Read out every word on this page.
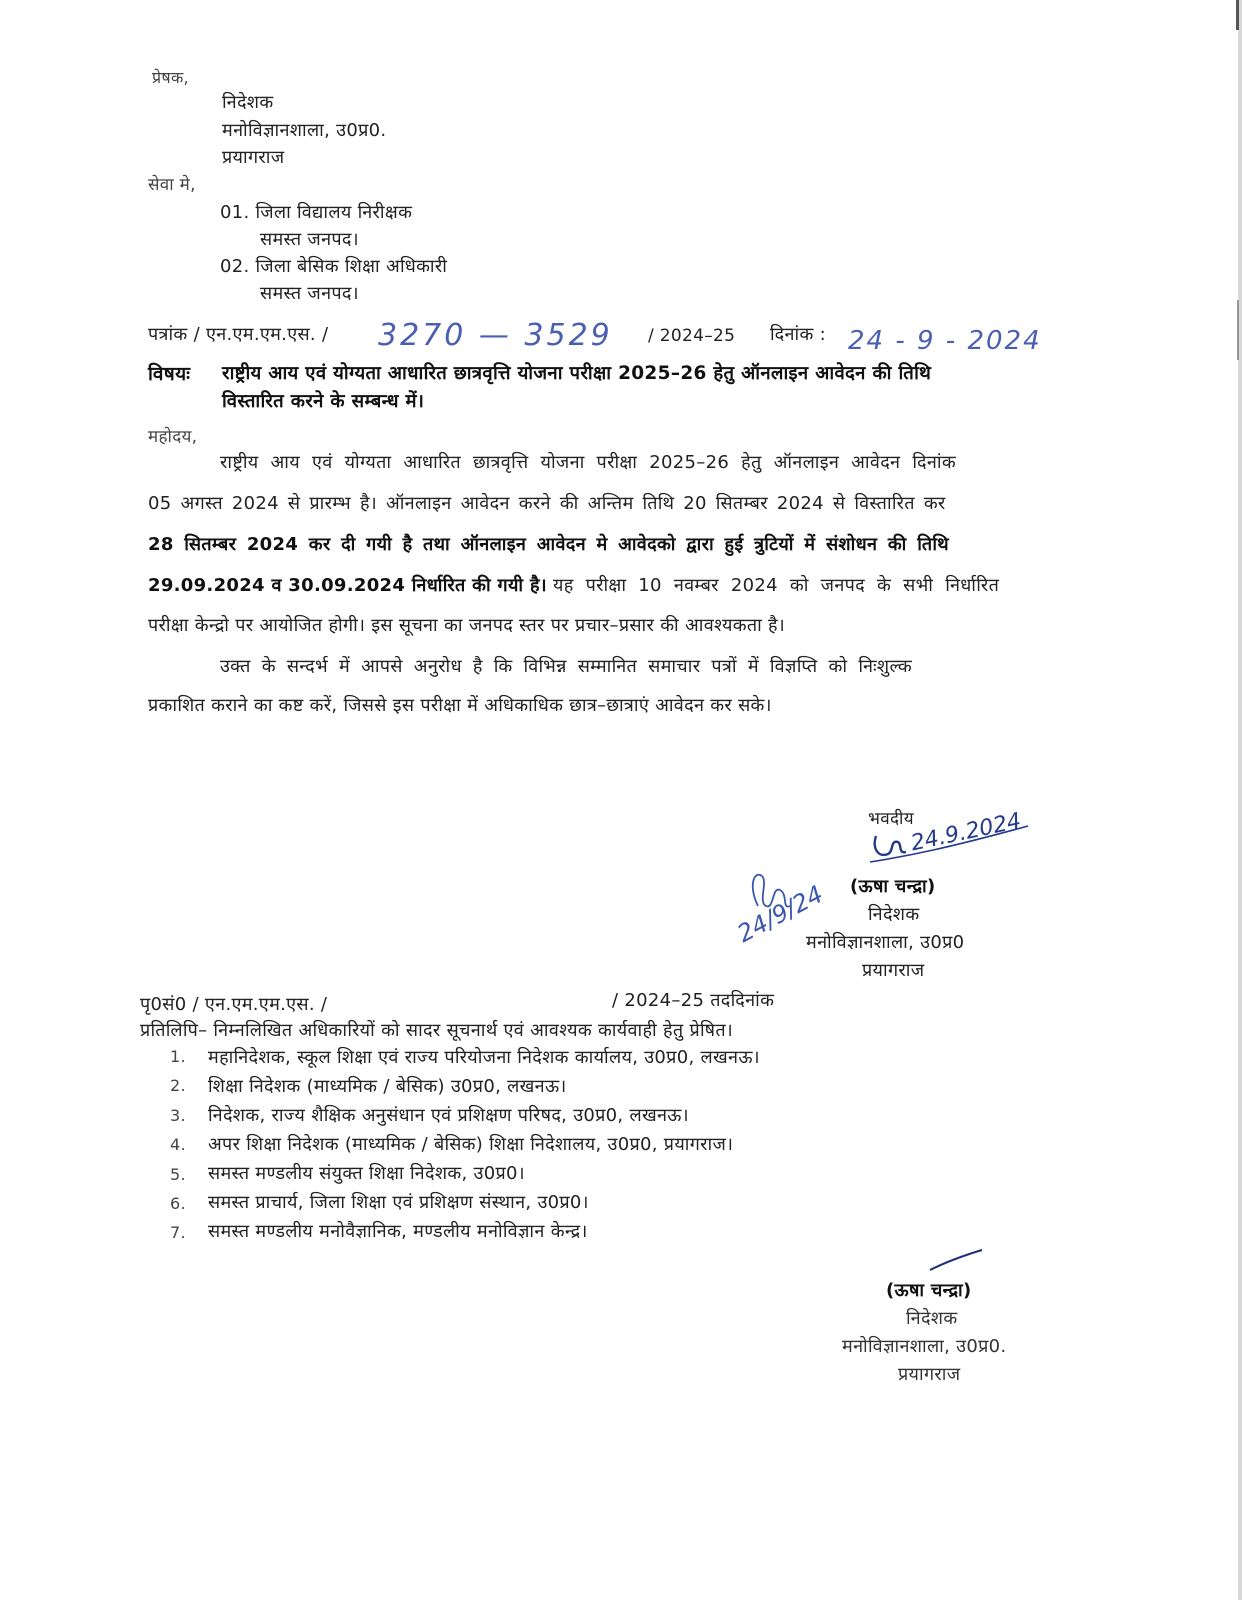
प्रेषक,
निदेशक
मनोविज्ञानशाला, उ0प्र0.
प्रयागराज
सेवा मे,
01. जिला विद्यालय निरीक्षक
समस्त जनपद।
02. जिला बेसिक शिक्षा अधिकारी
समस्त जनपद।
पत्रांक / एन.एम.एम.एस. / 3270 — 3529 / 2024–25 दिनांक : 24 - 9 - 2024
विषयः राष्ट्रीय आय एवं योग्यता आधारित छात्रवृत्ति योजना परीक्षा 2025–26 हेतु ऑनलाइन आवेदन की तिथि
विस्तारित करने के सम्बन्ध में।
महोदय,
राष्ट्रीय आय एवं योग्यता आधारित छात्रवृत्ति योजना परीक्षा 2025–26 हेतु ऑनलाइन आवेदन दिनांक
05 अगस्त 2024 से प्रारम्भ है। ऑनलाइन आवेदन करने की अन्तिम तिथि 20 सितम्बर 2024 से विस्तारित कर
28 सितम्बर 2024 कर दी गयी है तथा ऑनलाइन आवेदन मे आवेदको द्वारा हुई त्रुटियों में संशोधन की तिथि
29.09.2024 व 30.09.2024 निर्धारित की गयी है। यह परीक्षा 10 नवम्बर 2024 को जनपद के सभी निर्धारित
परीक्षा केन्द्रो पर आयोजित होगी। इस सूचना का जनपद स्तर पर प्रचार–प्रसार की आवश्यकता है।
उक्त के सन्दर्भ में आपसे अनुरोध है कि विभिन्न सम्मानित समाचार पत्रों में विज्ञप्ति को निःशुल्क
प्रकाशित कराने का कष्ट करें, जिससे इस परीक्षा में अधिकाधिक छात्र–छात्राएं आवेदन कर सके।
भवदीय
24.9.2024
24/9/24 (ऊषा चन्द्रा)
निदेशक
मनोविज्ञानशाला, उ0प्र0
प्रयागराज
पृ0सं0 / एन.एम.एम.एस. /	/ 2024–25 तददिनांक
प्रतिलिपि– निम्नलिखित अधिकारियों को सादर सूचनार्थ एवं आवश्यक कार्यवाही हेतु प्रेषित।
1. महानिदेशक, स्कूल शिक्षा एवं राज्य परियोजना निदेशक कार्यालय, उ0प्र0, लखनऊ।
2. शिक्षा निदेशक (माध्यमिक / बेसिक) उ0प्र0, लखनऊ।
3. निदेशक, राज्य शैक्षिक अनुसंधान एवं प्रशिक्षण परिषद, उ0प्र0, लखनऊ।
4. अपर शिक्षा निदेशक (माध्यमिक / बेसिक) शिक्षा निदेशालय, उ0प्र0, प्रयागराज।
5. समस्त मण्डलीय संयुक्त शिक्षा निदेशक, उ0प्र0।
6. समस्त प्राचार्य, जिला शिक्षा एवं प्रशिक्षण संस्थान, उ0प्र0।
7. समस्त मण्डलीय मनोवैज्ञानिक, मण्डलीय मनोविज्ञान केन्द्र।
(ऊषा चन्द्रा)
निदेशक
मनोविज्ञानशाला, उ0प्र0.
प्रयागराज
